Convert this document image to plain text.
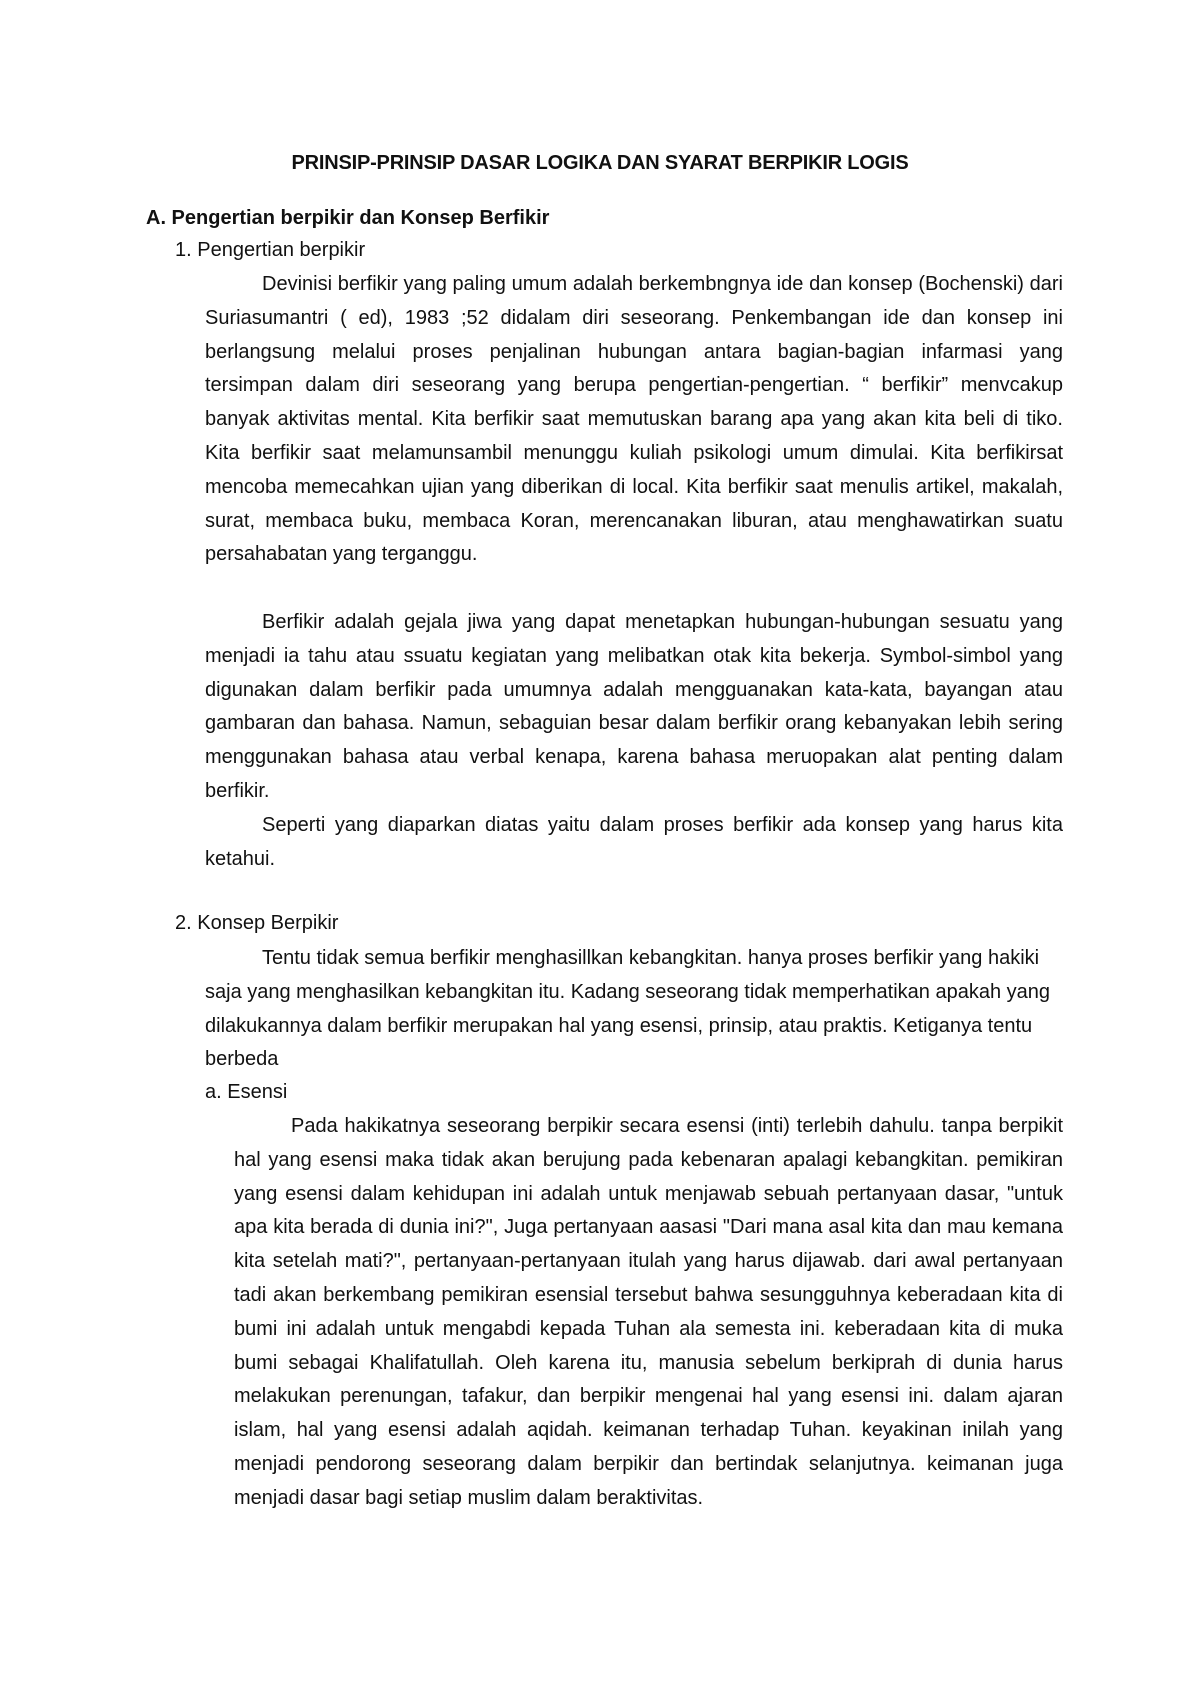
PRINSIP-PRINSIP DASAR LOGIKA DAN SYARAT BERPIKIR LOGIS
A. Pengertian berpikir dan Konsep Berfikir
1. Pengertian berpikir
Devinisi berfikir yang paling umum adalah berkembngnya ide dan konsep (Bochenski) dari Suriasumantri ( ed), 1983 ;52 didalam diri seseorang. Penkembangan ide dan konsep ini berlangsung melalui proses penjalinan hubungan antara bagian-bagian infarmasi yang tersimpan dalam diri seseorang yang berupa pengertian-pengertian. “ berfikir” menvcakup banyak aktivitas mental. Kita berfikir saat memutuskan barang apa yang akan kita beli di tiko. Kita berfikir saat melamunsambil menunggu kuliah psikologi umum dimulai. Kita berfikirsat mencoba memecahkan ujian yang diberikan di local. Kita berfikir saat menulis artikel, makalah, surat, membaca buku, membaca Koran, merencanakan liburan, atau menghawatirkan suatu persahabatan yang terganggu.
Berfikir adalah gejala jiwa yang dapat menetapkan hubungan-hubungan sesuatu yang menjadi ia tahu atau ssuatu kegiatan yang melibatkan otak kita bekerja. Symbol-simbol yang digunakan dalam berfikir pada umumnya adalah mengguanakan kata-kata, bayangan atau gambaran dan bahasa. Namun, sebaguian besar dalam berfikir orang kebanyakan lebih sering menggunakan bahasa atau verbal kenapa, karena bahasa meruopakan alat penting dalam berfikir.
Seperti yang diaparkan diatas yaitu dalam proses berfikir ada konsep yang harus kita ketahui.
2. Konsep Berpikir
Tentu tidak semua berfikir menghasillkan kebangkitan. hanya proses berfikir yang hakiki saja yang menghasilkan kebangkitan itu. Kadang seseorang tidak memperhatikan apakah yang dilakukannya dalam berfikir merupakan hal yang esensi, prinsip, atau praktis. Ketiganya tentu berbeda
a. Esensi
Pada hakikatnya seseorang berpikir secara esensi (inti) terlebih dahulu. tanpa berpikit hal yang esensi maka tidak akan berujung pada kebenaran apalagi kebangkitan. pemikiran yang esensi dalam kehidupan ini adalah untuk menjawab sebuah pertanyaan dasar, "untuk apa kita berada di dunia ini?", Juga pertanyaan aasasi "Dari mana asal kita dan mau kemana kita setelah mati?", pertanyaan-pertanyaan itulah yang harus dijawab. dari awal pertanyaan tadi akan berkembang pemikiran esensial tersebut bahwa sesungguhnya keberadaan kita di bumi ini adalah untuk mengabdi kepada Tuhan ala semesta ini. keberadaan kita di muka bumi sebagai Khalifatullah. Oleh karena itu, manusia sebelum berkiprah di dunia harus melakukan perenungan, tafakur, dan berpikir mengenai hal yang esensi ini. dalam ajaran islam, hal yang esensi adalah aqidah. keimanan terhadap Tuhan. keyakinan inilah yang menjadi pendorong seseorang dalam berpikir dan bertindak selanjutnya. keimanan juga menjadi dasar bagi setiap muslim dalam beraktivitas.
